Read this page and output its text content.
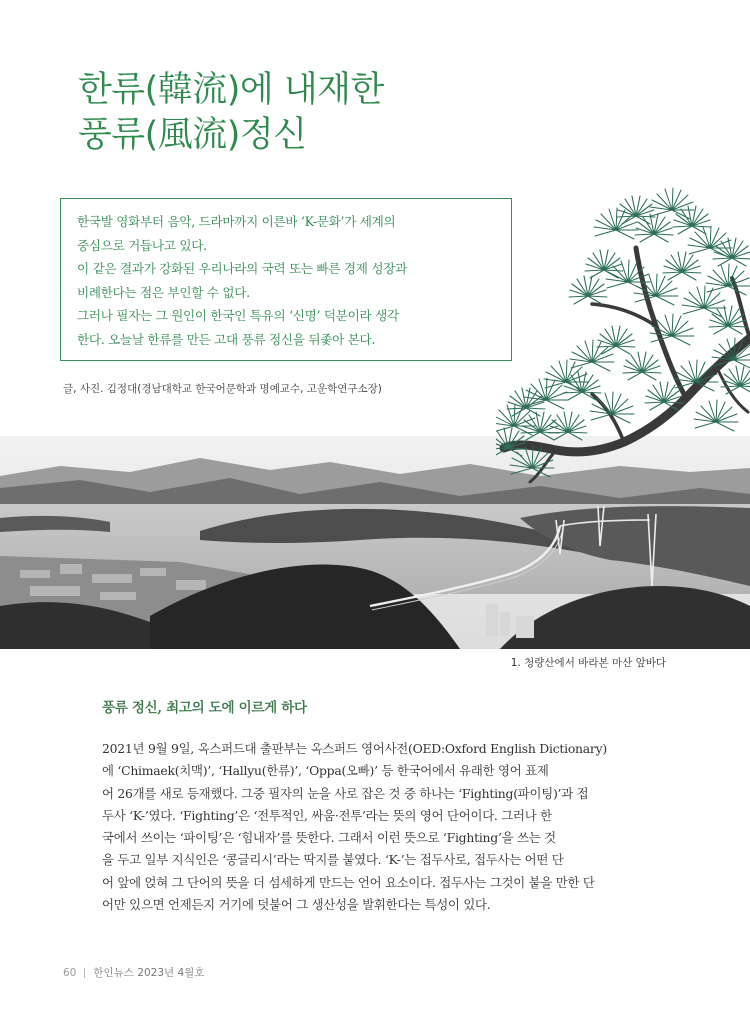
한류(韓流)에 내재한
풍류(風流)정신

한국발 영화부터 음악, 드라마까지 이른바 ‘K-문화’가 세계의

중심으로 거듭나고 있다.

이 같은 결과가 강화된 우리나라의 국력 또는 빠른 경제 성장과

비례한다는 점은 부인할 수 없다.

그러나 필자는 그 원인이 한국인 특유의 ‘신명’ 덕분이라 생각

한다. 오늘날 한류를 만든 고대 풍류 정신을 뒤좇아 본다.

글, 사진. 김정대(경남대학교 한국어문학과 명예교수, 고운학연구소장)

1. 청량산에서 바라본 마산 앞바다

풍류 정신, 최고의 도에 이르게 하다

2021년 9월 9일, 옥스퍼드대 출판부는 옥스퍼드 영어사전(OED:Oxford English Dictionary)

에 ‘Chimaek(치맥)’, ‘Hallyu(한류)’, ‘Oppa(오빠)’ 등 한국어에서 유래한 영어 표제

어 26개를 새로 등재했다. 그중 필자의 눈을 사로 잡은 것 중 하나는 ‘Fighting(파이팅)’과 접

두사 ‘K-’였다. ‘Fighting’은 ‘전투적인, 싸움·전투’라는 뜻의 영어 단어이다. 그러나 한

국에서 쓰이는 ‘파이팅’은 ‘힘내자’를 뜻한다. 그래서 이런 뜻으로 ‘Fighting’을 쓰는 것

을 두고 일부 지식인은 ‘콩글리시’라는 딱지를 붙였다. ‘K-’는 접두사로, 접두사는 어떤 단

어 앞에 얹혀 그 단어의 뜻을 더 섬세하게 만드는 언어 요소이다. 접두사는 그것이 붙을 만한 단

어만 있으면 언제든지 거기에 덧붙어 그 생산성을 발휘한다는 특성이 있다.

60 한인뉴스 2023년 4월호
